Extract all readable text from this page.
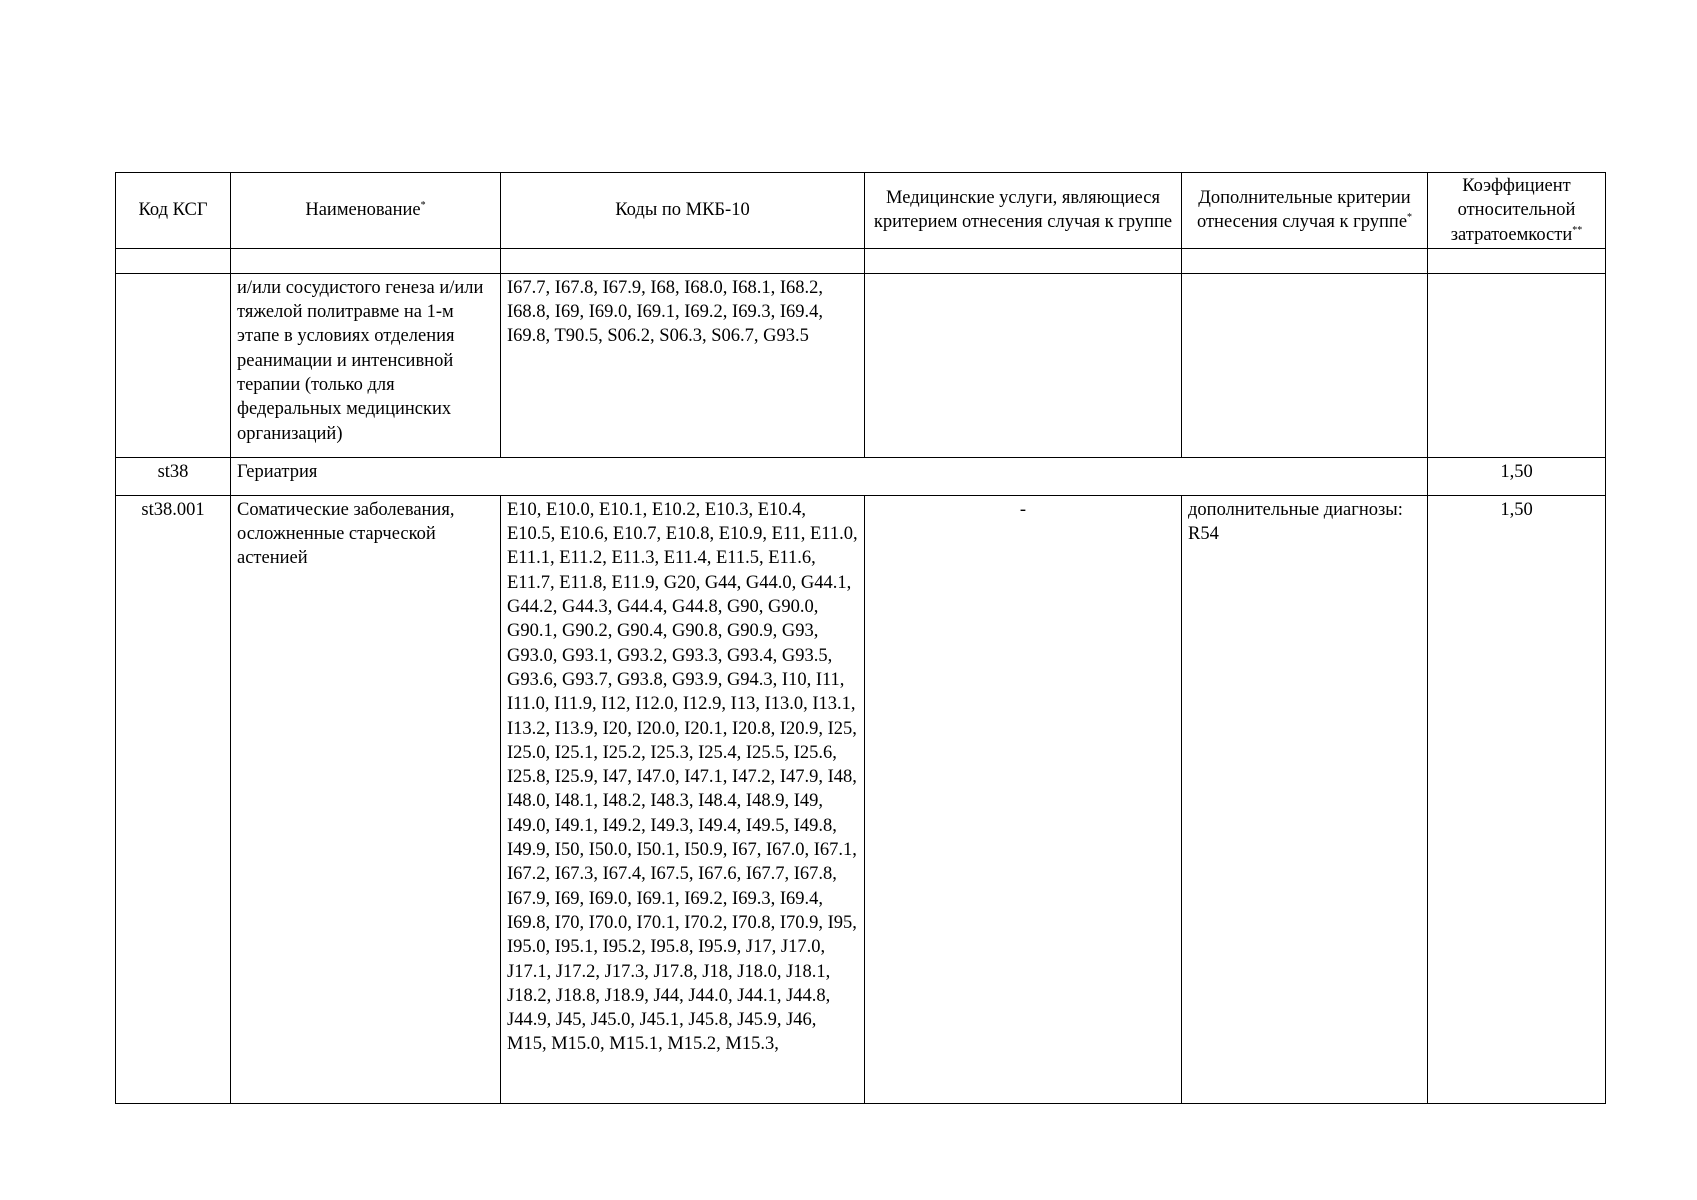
Код КСГ	Наименование*	Коды по МКБ-10	Медицинские услуги, являющиеся критерием отнесения случая к группе	Дополнительные критерии отнесения случая к группе*	Коэффициент относительной затратоемкости**

	и/или сосудистого генеза и/или тяжелой политравме на 1-м этапе в условиях отделения реанимации и интенсивной терапии (только для федеральных медицинских организаций)	I67.7, I67.8, I67.9, I68, I68.0, I68.1, I68.2, I68.8, I69, I69.0, I69.1, I69.2, I69.3, I69.4, I69.8, T90.5, S06.2, S06.3, S06.7, G93.5			
st38	Гериатрия				1,50
st38.001	Соматические заболевания, осложненные старческой астенией	E10, E10.0, E10.1, E10.2, E10.3, E10.4, E10.5, E10.6, E10.7, E10.8, E10.9, E11, E11.0, E11.1, E11.2, E11.3, E11.4, E11.5, E11.6, E11.7, E11.8, E11.9, G20, G44, G44.0, G44.1, G44.2, G44.3, G44.4, G44.8, G90, G90.0, G90.1, G90.2, G90.4, G90.8, G90.9, G93, G93.0, G93.1, G93.2, G93.3, G93.4, G93.5, G93.6, G93.7, G93.8, G93.9, G94.3, I10, I11, I11.0, I11.9, I12, I12.0, I12.9, I13, I13.0, I13.1, I13.2, I13.9, I20, I20.0, I20.1, I20.8, I20.9, I25, I25.0, I25.1, I25.2, I25.3, I25.4, I25.5, I25.6, I25.8, I25.9, I47, I47.0, I47.1, I47.2, I47.9, I48, I48.0, I48.1, I48.2, I48.3, I48.4, I48.9, I49, I49.0, I49.1, I49.2, I49.3, I49.4, I49.5, I49.8, I49.9, I50, I50.0, I50.1, I50.9, I67, I67.0, I67.1, I67.2, I67.3, I67.4, I67.5, I67.6, I67.7, I67.8, I67.9, I69, I69.0, I69.1, I69.2, I69.3, I69.4, I69.8, I70, I70.0, I70.1, I70.2, I70.8, I70.9, I95, I95.0, I95.1, I95.2, I95.8, I95.9, J17, J17.0, J17.1, J17.2, J17.3, J17.8, J18, J18.0, J18.1, J18.2, J18.8, J18.9, J44, J44.0, J44.1, J44.8, J44.9, J45, J45.0, J45.1, J45.8, J45.9, J46, M15, M15.0, M15.1, M15.2, M15.3,	-	дополнительные диагнозы: R54	1,50
